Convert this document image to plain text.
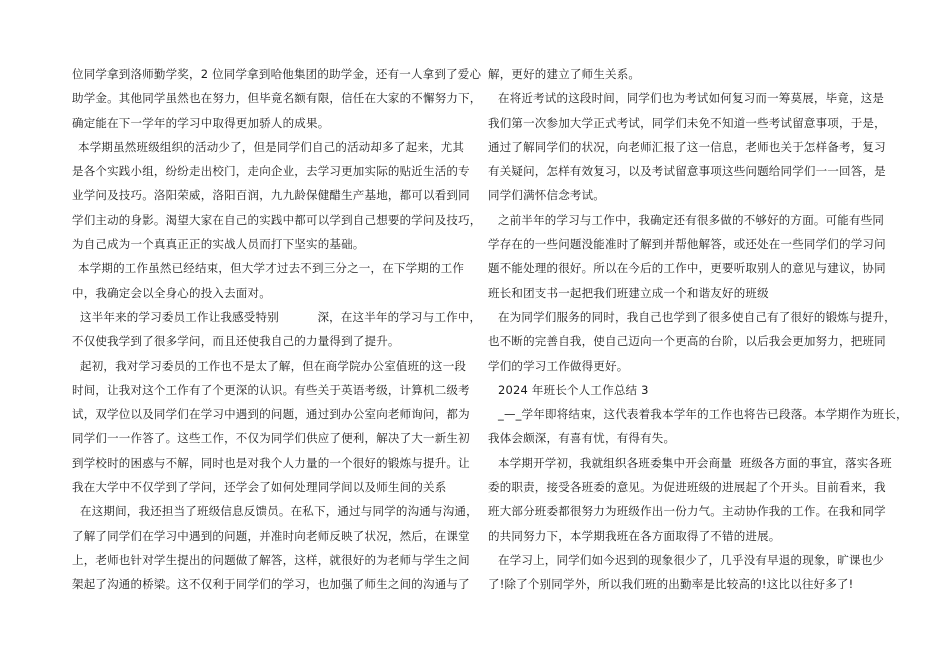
位同学拿到洛师勤学奖，2 位同学拿到哈他集团的助学金，还有一人拿到了爱心
助学金。其他同学虽然也在努力，但毕竟名额有限，信任在大家的不懈努力下，
确定能在下一学年的学习中取得更加骄人的成果。
本学期虽然班级组织的活动少了，但是同学们自己的活动却多了起来，尤其
是各个实践小组，纷纷走出校门，走向企业，去学习更加实际的贴近生活的专
业学问及技巧。洛阳荣威，洛阳百润，九九龄保健醋生产基地，都可以看到同
学们主动的身影。渴望大家在自己的实践中都可以学到自己想要的学问及技巧，
为自己成为一个真真正正的实战人员而打下坚实的基础。
本学期的工作虽然已经结束，但大学才过去不到三分之一，在下学期的工作
中，我确定会以全身心的投入去面对。
这半年来的学习委员工作让我感受特别          深，在这半年的学习与工作中，
不仅使我学到了很多学问，而且还使我自己的力量得到了提升。
起初，我对学习委员的工作也不是太了解，但在商学院办公室值班的这一段
时间，让我对这个工作有了个更深的认识。有些关于英语考级，计算机二级考
试，双学位以及同学们在学习中遇到的问题，通过到办公室向老师询问，都为
同学们一一作答了。这些工作，不仅为同学们供应了便利，解决了大一新生初
到学校时的困惑与不解，同时也是对我个人力量的一个很好的锻炼与提升。让
我在大学中不仅学到了学问，还学会了如何处理同学间以及师生间的关系
在这期间，我还担当了班级信息反馈员。在私下，通过与同学的沟通与沟通，
了解了同学们在学习中遇到的问题，并准时向老师反映了状况，然后，在课堂
上，老师也针对学生提出的问题做了解答，这样，就很好的为老师与学生之间
架起了沟通的桥梁。这不仅利于同学们的学习，也加强了师生之间的沟通与了
解，更好的建立了师生关系。
在将近考试的这段时间，同学们也为考试如何复习而一筹莫展，毕竟，这是
我们第一次参加大学正式考试，同学们未免不知道一些考试留意事项，于是，
通过了解同学们的状况，向老师汇报了这一信息，老师也关于怎样备考，复习
有关疑问，怎样有效复习，以及考试留意事项这些问题给同学们一一回答，是
同学们满怀信念考试。
之前半年的学习与工作中，我确定还有很多做的不够好的方面。可能有些同
学存在的一些问题没能准时了解到并帮他解答，或还处在一些同学们的学习问
题不能处理的很好。所以在今后的工作中，更要听取别人的意见与建议，协同
班长和团支书一起把我们班建立成一个和谐友好的班级
在为同学们服务的同时，我自己也学到了很多使自己有了很好的锻炼与提升，
也不断的完善自我，使自己迈向一个更高的台阶，以后我会更加努力，把班同
学们的学习工作做得更好。
2024 年班长个人工作总结 3
_—_学年即将结束，这代表着我本学年的工作也将告已段落。本学期作为班长，
我体会颇深，有喜有忧，有得有失。
本学期开学初，我就组织各班委集中开会商量  班级各方面的事宜，落实各班
委的职责，接受各班委的意见。为促进班级的进展起了个开头。目前看来，我
班大部分班委都很努力为班级作出一份力气。主动协作我的工作。在我和同学
的共同努力下，本学期我班在各方面取得了不错的进展。
在学习上，同学们如今迟到的现象很少了，几乎没有早退的现象，旷课也少
了!除了个别同学外，所以我们班的出勤率是比较高的!这比以往好多了!
